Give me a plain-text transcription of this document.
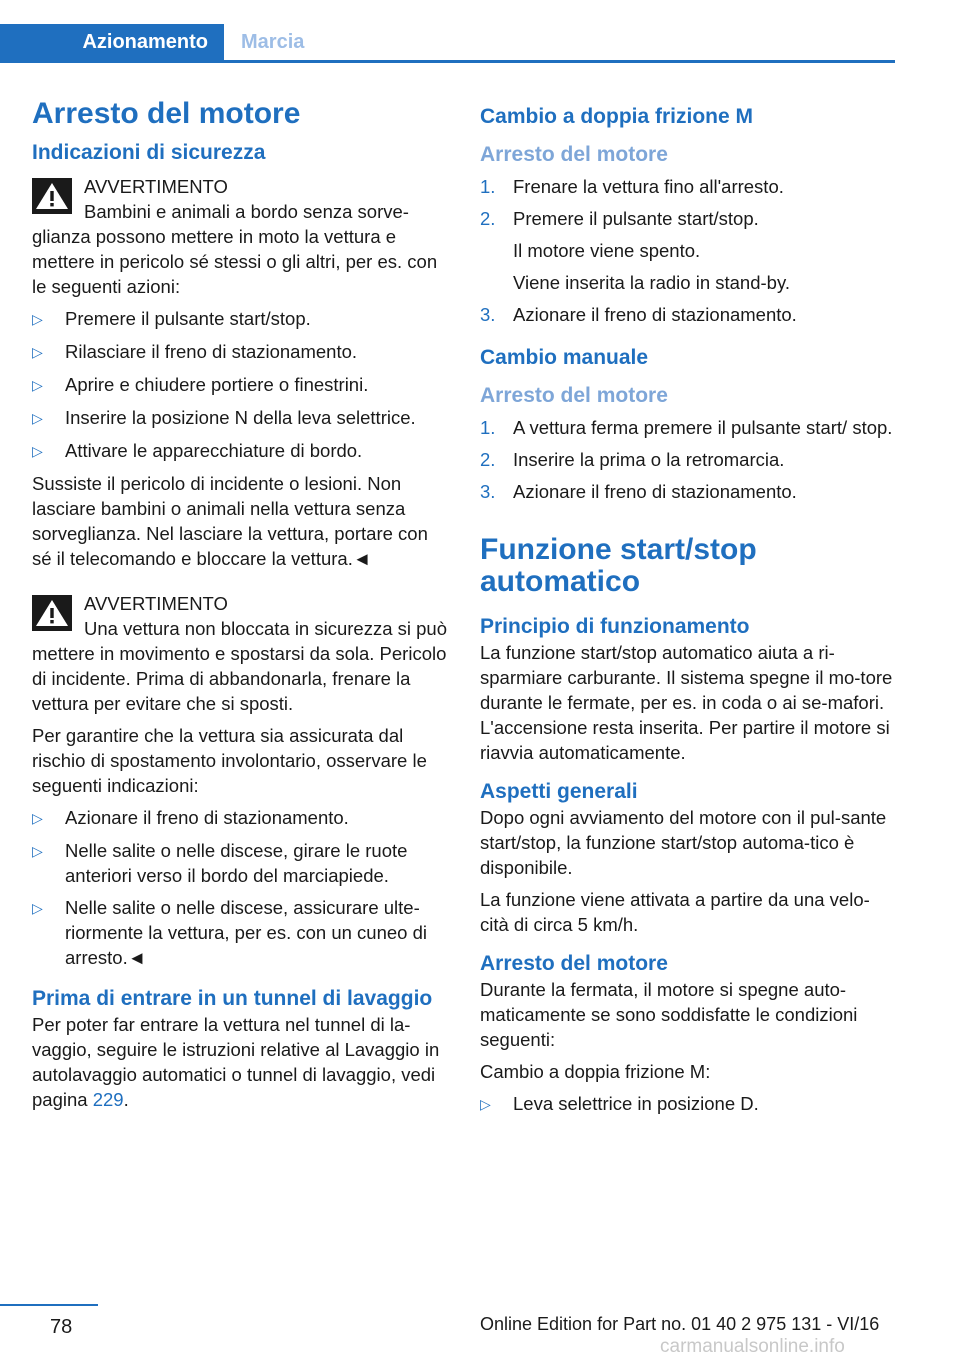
Azionamento Marcia
Arresto del motore
Indicazioni di sicurezza
AVVERTIMENTO

Bambini e animali a bordo senza sorve-glianza possono mettere in moto la vettura e mettere in pericolo sé stessi o gli altri, per es. con le seguenti azioni:

▷	Premere il pulsante start/stop.
▷	Rilasciare il freno di stazionamento.
▷	Aprire e chiudere portiere o finestrini.
▷	Inserire la posizione N della leva selettrice.
▷	Attivare le apparecchiature di bordo.

Sussiste il pericolo di incidente o lesioni. Non lasciare bambini o animali nella vettura senza sorveglianza. Nel lasciare la vettura, portare con sé il telecomando e bloccare la vettura.◄

AVVERTIMENTO

Una vettura non bloccata in sicurezza si può mettere in movimento e spostarsi da sola. Pericolo di incidente. Prima di abbandonarla, frenare la vettura per evitare che si sposti.

Per garantire che la vettura sia assicurata dal rischio di spostamento involontario, osservare le seguenti indicazioni:

▷	Azionare il freno di stazionamento.
▷	Nelle salite o nelle discese, girare le ruote anteriori verso il bordo del marciapiede.
▷	Nelle salite o nelle discese, assicurare ulte-riormente la vettura, per es. con un cuneo di arresto.◄
Prima di entrare in un tunnel di lavaggio

Per poter far entrare la vettura nel tunnel di la-vaggio, seguire le istruzioni relative al Lavaggio in autolavaggio automatici o tunnel di lavaggio, vedi pagina 229.

Cambio a doppia frizione M
Arresto del motore
1. Frenare la vettura fino all'arresto.
2. Premere il pulsante start/stop.

Il motore viene spento.

Viene inserita la radio in stand-by.

3. Azionare il freno di stazionamento.
Cambio manuale
Arresto del motore
1. A vettura ferma premere il pulsante start/ stop.
2. Inserire la prima o la retromarcia.
3. Azionare il freno di stazionamento.
Funzione start/stop automatico
Principio di funzionamento

La funzione start/stop automatico aiuta a ri-sparmiare carburante. Il sistema spegne il mo-tore durante le fermate, per es. in coda o ai se-mafori. L'accensione resta inserita. Per partire il motore si riavvia automaticamente.

Aspetti generali

Dopo ogni avviamento del motore con il pul-sante start/stop, la funzione start/stop automa-tico è disponibile.

La funzione viene attivata a partire da una velo-cità di circa 5 km/h.

Arresto del motore

Durante la fermata, il motore si spegne auto-maticamente se sono soddisfatte le condizioni seguenti:

Cambio a doppia frizione M:

▷	Leva selettrice in posizione D.
78	Online Edition for Part no. 01 40 2 975 131 - VI/16
carmanualsonline.info
